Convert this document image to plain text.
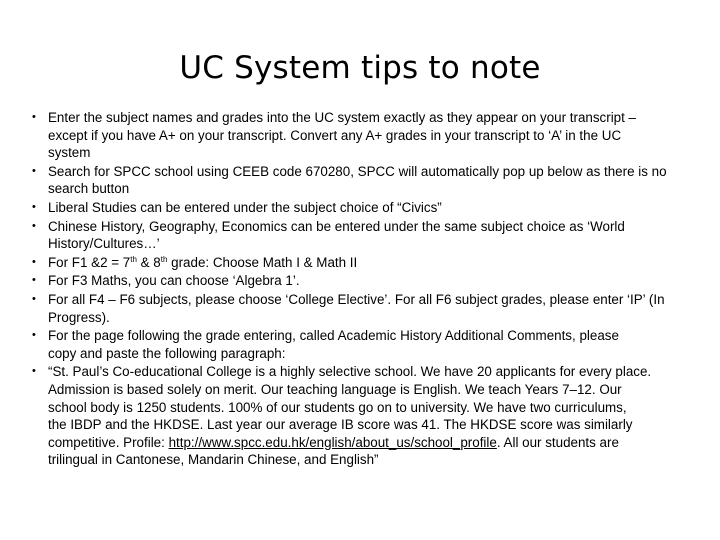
UC System tips to note
• Enter the subject names and grades into the UC system exactly as they appear on your transcript –
except if you have A+ on your transcript. Convert any A+ grades in your transcript to ‘A’ in the UC
system
• Search for SPCC school using CEEB code 670280, SPCC will automatically pop up below as there is no
search button
• Liberal Studies can be entered under the subject choice of “Civics”
• Chinese History, Geography, Economics can be entered under the same subject choice as ‘World
History/Cultures…’
• For F1 &2 = 7th & 8th grade: Choose Math I & Math II
• For F3 Maths, you can choose ‘Algebra 1’.
• For all F4 – F6 subjects, please choose ‘College Elective’. For all F6 subject grades, please enter ‘IP’ (In
Progress).
• For the page following the grade entering, called Academic History Additional Comments, please
copy and paste the following paragraph:
• “St. Paul’s Co-educational College is a highly selective school. We have 20 applicants for every place.
Admission is based solely on merit. Our teaching language is English. We teach Years 7–12. Our
school body is 1250 students. 100% of our students go on to university. We have two curriculums,
the IBDP and the HKDSE. Last year our average IB score was 41. The HKDSE score was similarly
competitive. Profile: http://www.spcc.edu.hk/english/about_us/school_profile. All our students are
trilingual in Cantonese, Mandarin Chinese, and English”
